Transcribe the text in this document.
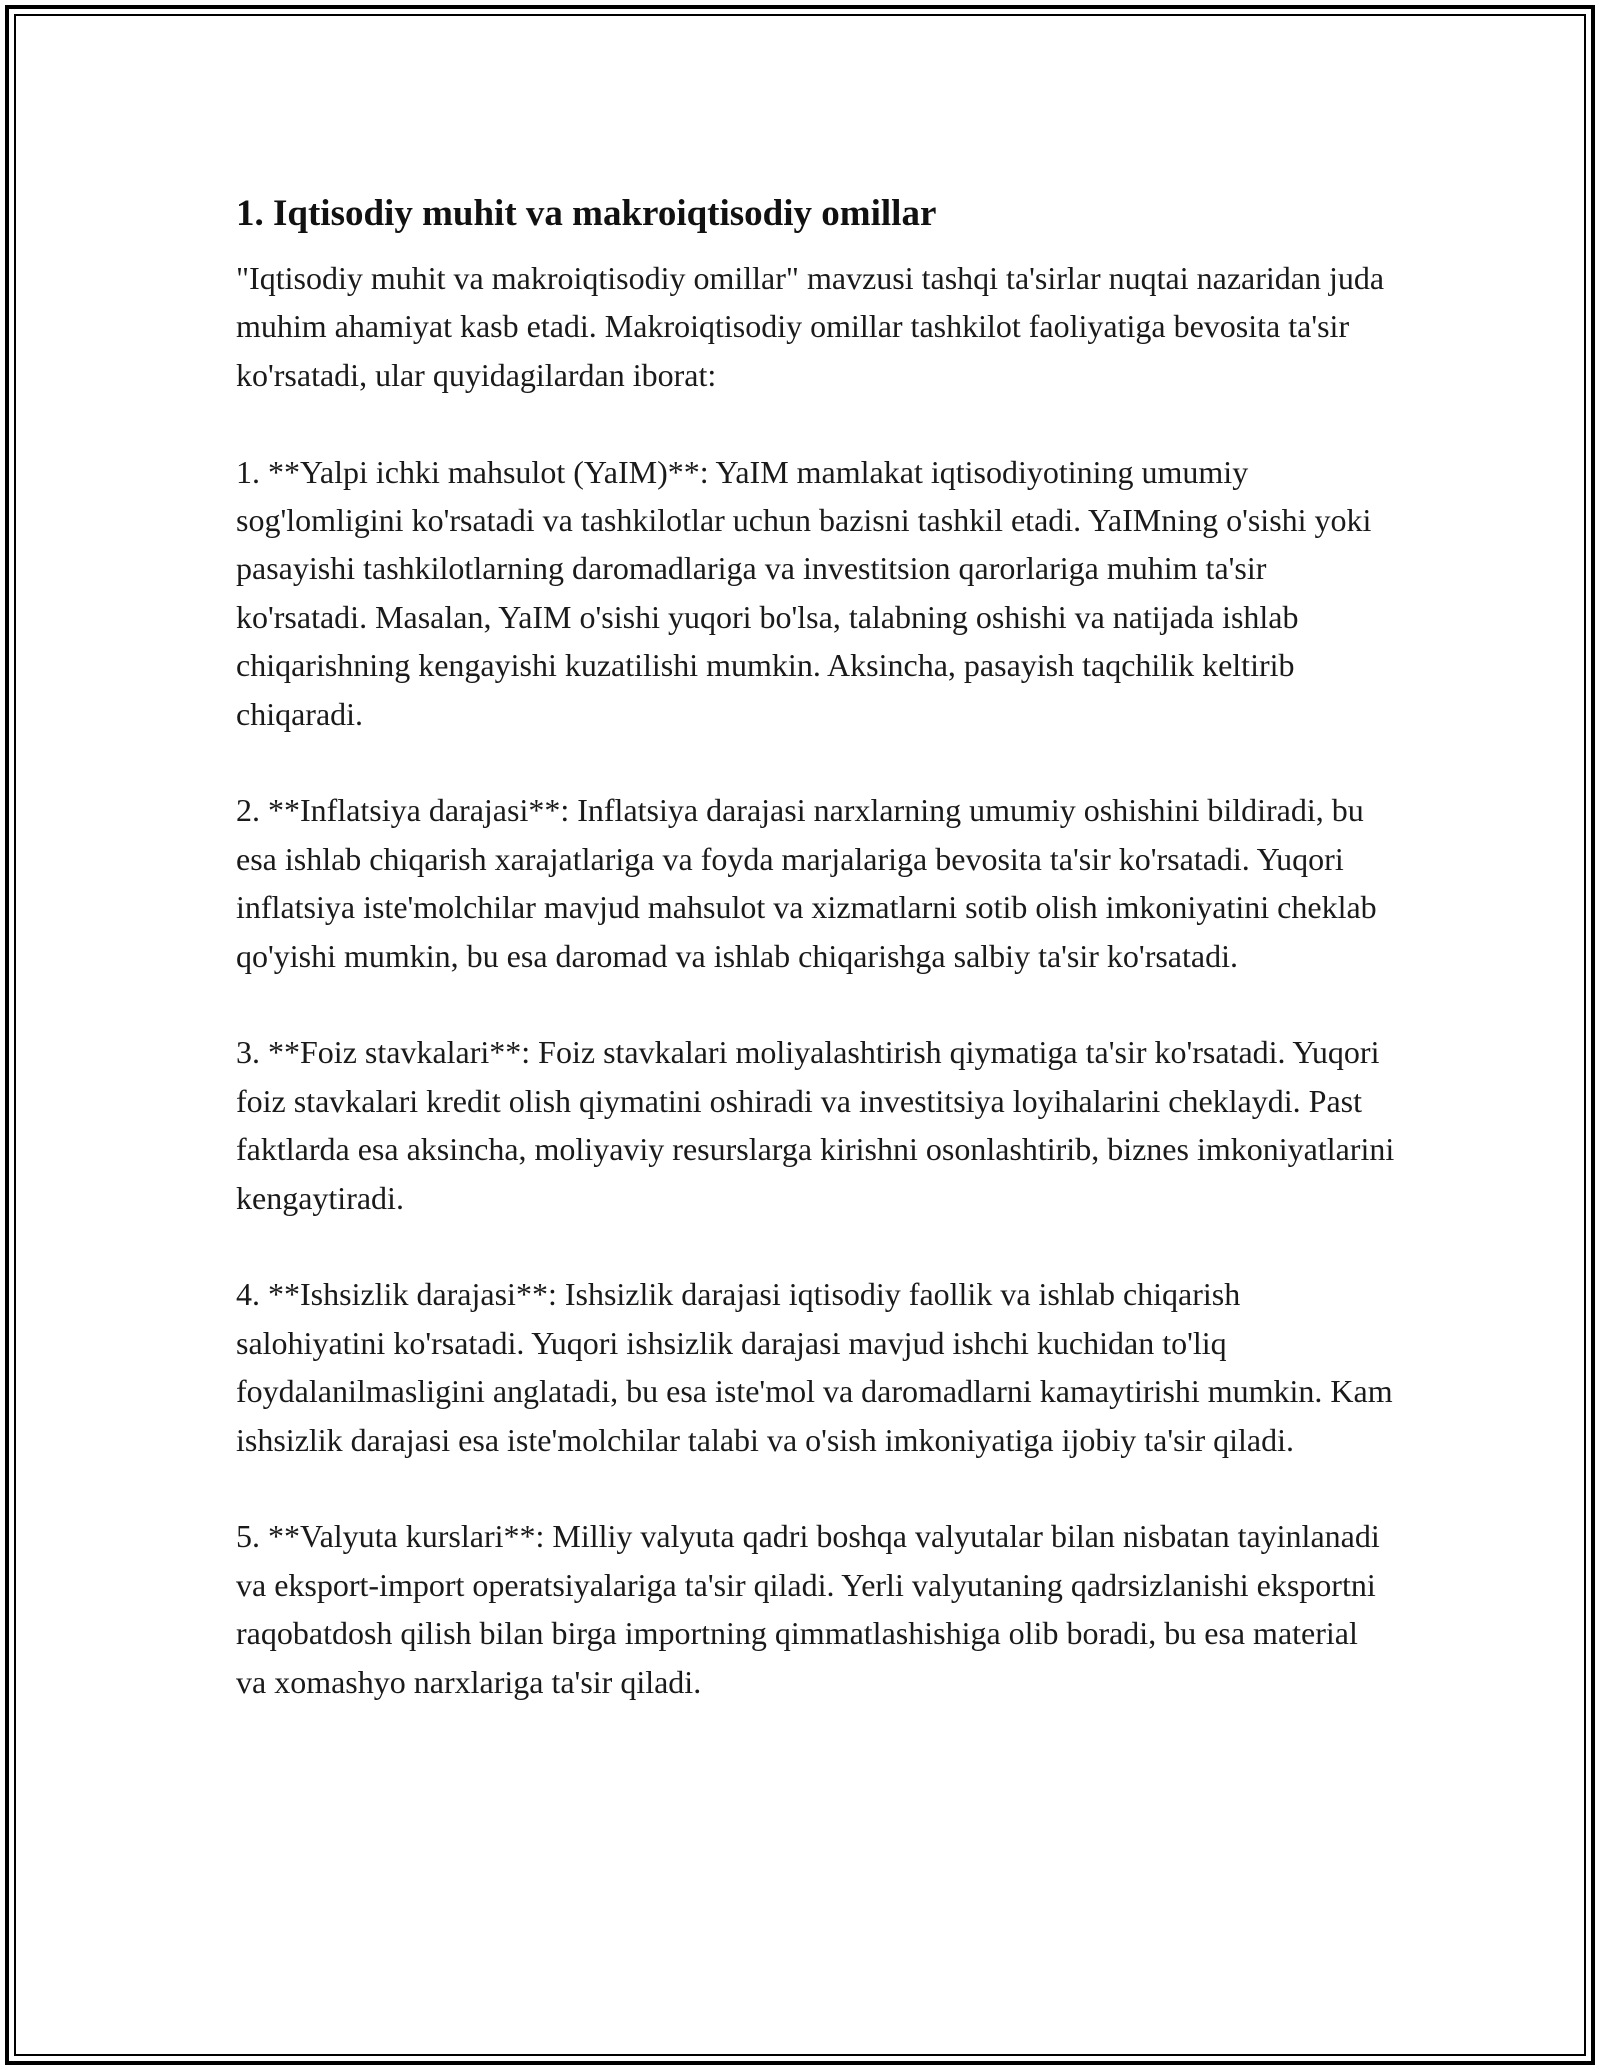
1. Iqtisodiy muhit va makroiqtisodiy omillar

"Iqtisodiy muhit va makroiqtisodiy omillar" mavzusi tashqi ta'sirlar nuqtai nazaridan juda muhim ahamiyat kasb etadi. Makroiqtisodiy omillar tashkilot faoliyatiga bevosita ta'sir ko'rsatadi, ular quyidagilardan iborat:

1. **Yalpi ichki mahsulot (YaIM)**: YaIM mamlakat iqtisodiyotining umumiy sog'lomligini ko'rsatadi va tashkilotlar uchun bazisni tashkil etadi. YaIMning o'sishi yoki pasayishi tashkilotlarning daromadlariga va investitsion qarorlariga muhim ta'sir ko'rsatadi. Masalan, YaIM o'sishi yuqori bo'lsa, talabning oshishi va natijada ishlab chiqarishning kengayishi kuzatilishi mumkin. Aksincha, pasayish taqchilik keltirib chiqaradi.

2. **Inflatsiya darajasi**: Inflatsiya darajasi narxlarning umumiy oshishini bildiradi, bu esa ishlab chiqarish xarajatlariga va foyda marjalariga bevosita ta'sir ko'rsatadi. Yuqori inflatsiya iste'molchilar mavjud mahsulot va xizmatlarni sotib olish imkoniyatini cheklab qo'yishi mumkin, bu esa daromad va ishlab chiqarishga salbiy ta'sir ko'rsatadi.

3. **Foiz stavkalari**: Foiz stavkalari moliyalashtirish qiymatiga ta'sir ko'rsatadi. Yuqori foiz stavkalari kredit olish qiymatini oshiradi va investitsiya loyihalarini cheklaydi. Past faktlarda esa aksincha, moliyaviy resurslarga kirishni osonlashtirib, biznes imkoniyatlarini kengaytiradi.

4. **Ishsizlik darajasi**: Ishsizlik darajasi iqtisodiy faollik va ishlab chiqarish salohiyatini ko'rsatadi. Yuqori ishsizlik darajasi mavjud ishchi kuchidan to'liq foydalanilmasligini anglatadi, bu esa iste'mol va daromadlarni kamaytirishi mumkin. Kam ishsizlik darajasi esa iste'molchilar talabi va o'sish imkoniyatiga ijobiy ta'sir qiladi.

5. **Valyuta kurslari**: Milliy valyuta qadri boshqa valyutalar bilan nisbatan tayinlanadi va eksport-import operatsiyalariga ta'sir qiladi. Yerli valyutaning qadrsizlanishi eksportni raqobatdosh qilish bilan birga importning qimmatlashishiga olib boradi, bu esa material va xomashyo narxlariga ta'sir qiladi.
